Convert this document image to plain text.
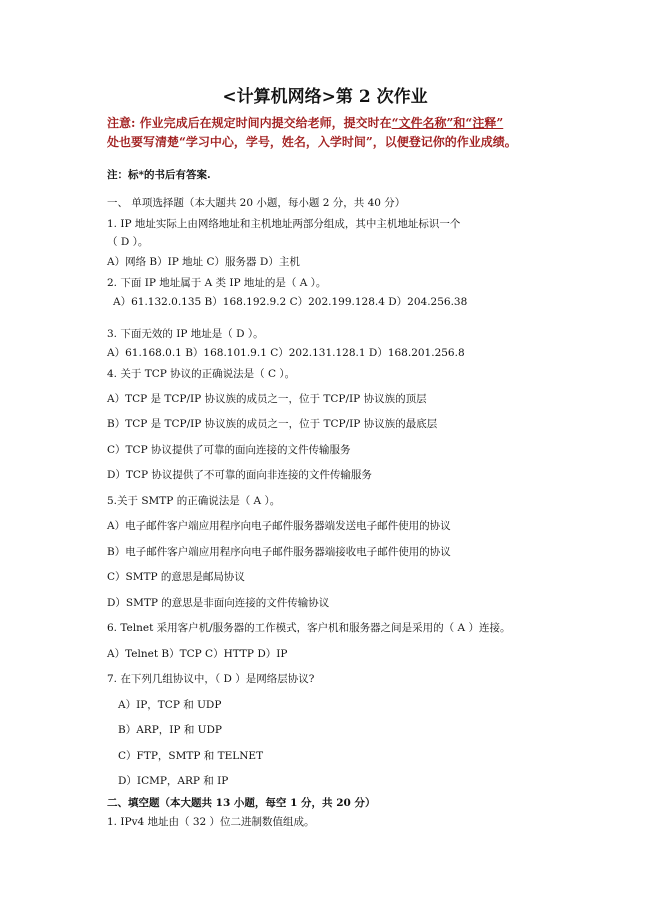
<计算机网络>第 2 次作业
注意: 作业完成后在规定时间内提交给老师，提交时在“文件名称”和“注释”
处也要写清楚“学习中心，学号，姓名，入学时间”，以便登记你的作业成绩。
注：标*的书后有答案.
一、 单项选择题（本大题共 20 小题，每小题 2 分，共 40 分）
1. IP 地址实际上由网络地址和主机地址两部分组成，其中主机地址标识一个
（ D ）。
A）网络 B）IP 地址 C）服务器 D）主机
2. 下面 IP 地址属于 A 类 IP 地址的是（ A ）。
A）61.132.0.135 B）168.192.9.2 C）202.199.128.4 D）204.256.38
3. 下面无效的 IP 地址是（ D ）。
A）61.168.0.1 B）168.101.9.1 C）202.131.128.1 D）168.201.256.8
4. 关于 TCP 协议的正确说法是（ C ）。
A）TCP 是 TCP/IP 协议族的成员之一，位于 TCP/IP 协议族的顶层
B）TCP 是 TCP/IP 协议族的成员之一，位于 TCP/IP 协议族的最底层
C）TCP 协议提供了可靠的面向连接的文件传输服务
D）TCP 协议提供了不可靠的面向非连接的文件传输服务
5.关于 SMTP 的正确说法是（ A ）。
A）电子邮件客户端应用程序向电子邮件服务器端发送电子邮件使用的协议
B）电子邮件客户端应用程序向电子邮件服务器端接收电子邮件使用的协议
C）SMTP 的意思是邮局协议
D）SMTP 的意思是非面向连接的文件传输协议
6. Telnet 采用客户机/服务器的工作模式，客户机和服务器之间是采用的（ A ）连接。
A）Telnet B）TCP C）HTTP D）IP
7. 在下列几组协议中，（ D ）是网络层协议?
A）IP，TCP 和 UDP
B）ARP，IP 和 UDP
C）FTP，SMTP 和 TELNET
D）ICMP，ARP 和 IP
二、填空题（本大题共 13 小题，每空 1 分，共 20 分）
1. IPv4 地址由（ 32 ）位二进制数值组成。
